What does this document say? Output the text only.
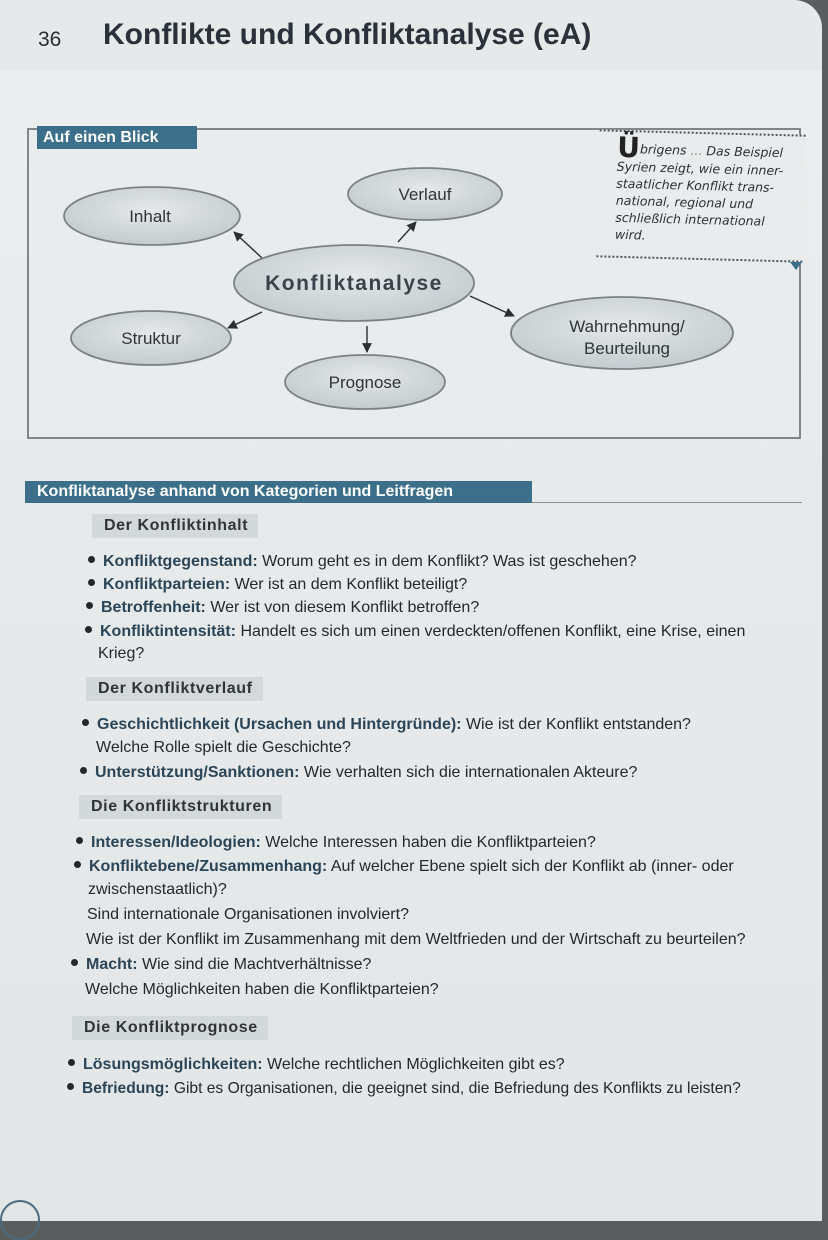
36 Konflikte und Konfliktanalyse (eA)
Auf einen Blick
Inhalt
Verlauf
Konfliktanalyse
Struktur
Wahrnehmung/
Beurteilung
Prognose
Übrigens ... Das Beispiel
Syrien zeigt, wie ein inner-
staatlicher Konflikt trans-
national, regional und
schließlich international wird.
Konfliktanalyse anhand von Kategorien und Leitfragen
Der Konfliktinhalt
Konfliktgegenstand: Worum geht es in dem Konflikt? Was ist geschehen?
Konfliktparteien: Wer ist an dem Konflikt beteiligt?
Betroffenheit: Wer ist von diesem Konflikt betroffen?
Konfliktintensität: Handelt es sich um einen verdeckten/offenen Konflikt, eine Krise, einen
Krieg?
Der Konfliktverlauf
Geschichtlichkeit (Ursachen und Hintergründe): Wie ist der Konflikt entstanden?
Welche Rolle spielt die Geschichte?
Unterstützung/Sanktionen: Wie verhalten sich die internationalen Akteure?
Die Konfliktstrukturen
Interessen/Ideologien: Welche Interessen haben die Konfliktparteien?
Konfliktebene/Zusammenhang: Auf welcher Ebene spielt sich der Konflikt ab (inner- oder
zwischenstaatlich)?
Sind internationale Organisationen involviert?
Wie ist der Konflikt im Zusammenhang mit dem Weltfrieden und der Wirtschaft zu beurteilen?
Macht: Wie sind die Machtverhältnisse?
Welche Möglichkeiten haben die Konfliktparteien?
Die Konfliktprognose
Lösungsmöglichkeiten: Welche rechtlichen Möglichkeiten gibt es?
Befriedung: Gibt es Organisationen, die geeignet sind, die Befriedung des Konflikts zu leisten?
